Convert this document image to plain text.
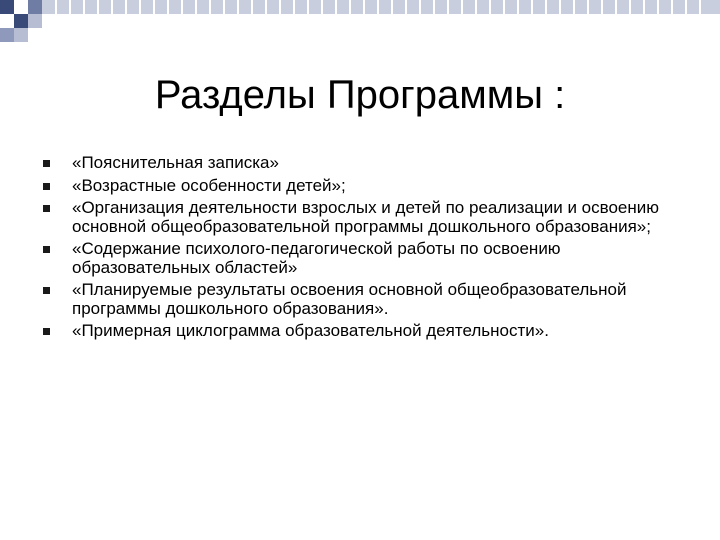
Разделы Программы :
«Пояснительная записка»
«Возрастные особенности детей»;
«Организация деятельности взрослых и детей по реализации и освоению основной общеобразовательной программы дошкольного образования»;
«Содержание психолого-педагогической работы по освоению образовательных областей»
«Планируемые результаты освоения основной общеобразовательной программы дошкольного образования».
«Примерная циклограмма образовательной деятельности».
